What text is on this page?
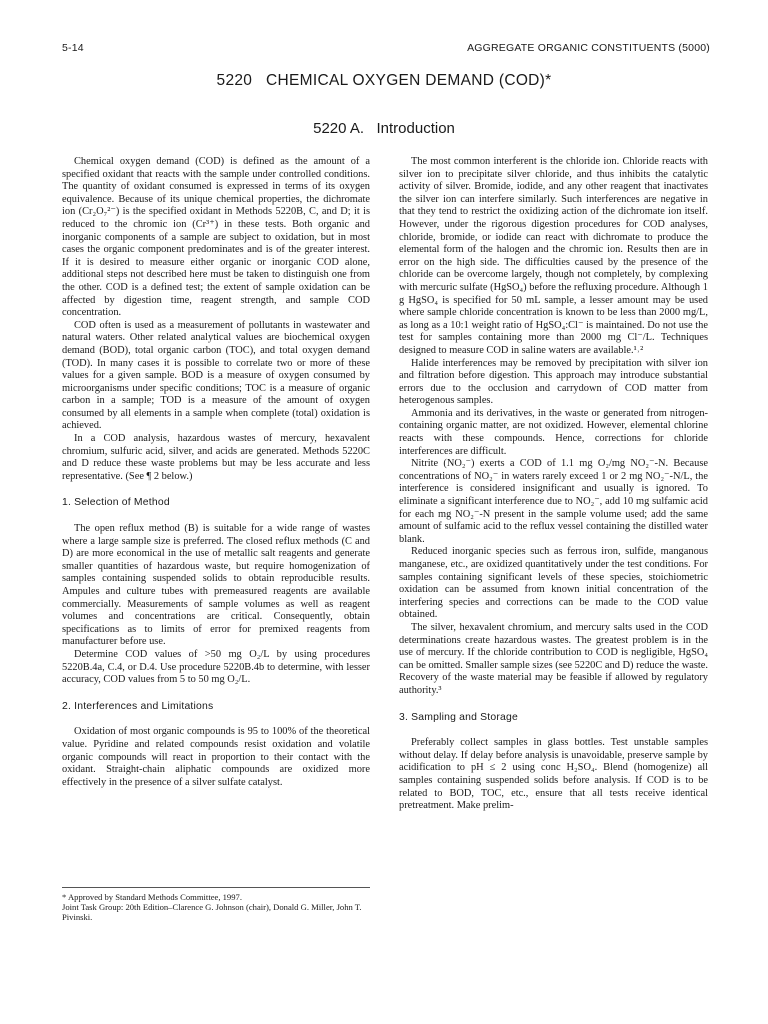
5-14	AGGREGATE ORGANIC CONSTITUENTS (5000)
5220   CHEMICAL OXYGEN DEMAND (COD)*
5220 A.   Introduction

Chemical oxygen demand (COD) is defined as the amount of a specified oxidant that reacts with the sample under controlled conditions. The quantity of oxidant consumed is expressed in terms of its oxygen equivalence. Because of its unique chemical properties, the dichromate ion (Cr₂O₇²⁻) is the specified oxidant in Methods 5220B, C, and D; it is reduced to the chromic ion (Cr³⁺) in these tests. Both organic and inorganic components of a sample are subject to oxidation, but in most cases the organic component predominates and is of the greater interest. If it is desired to measure either organic or inorganic COD alone, additional steps not described here must be taken to distinguish one from the other. COD is a defined test; the extent of sample oxidation can be affected by digestion time, reagent strength, and sample COD concentration.

COD often is used as a measurement of pollutants in wastewater and natural waters. Other related analytical values are biochemical oxygen demand (BOD), total organic carbon (TOC), and total oxygen demand (TOD). In many cases it is possible to correlate two or more of these values for a given sample. BOD is a measure of oxygen consumed by microorganisms under specific conditions; TOC is a measure of organic carbon in a sample; TOD is a measure of the amount of oxygen consumed by all elements in a sample when complete (total) oxidation is achieved.

In a COD analysis, hazardous wastes of mercury, hexavalent chromium, sulfuric acid, silver, and acids are generated. Methods 5220C and D reduce these waste problems but may be less accurate and less representative. (See ¶ 2 below.)

1. Selection of Method

The open reflux method (B) is suitable for a wide range of wastes where a large sample size is preferred. The closed reflux methods (C and D) are more economical in the use of metallic salt reagents and generate smaller quantities of hazardous waste, but require homogenization of samples containing suspended solids to obtain reproducible results. Ampules and culture tubes with premeasured reagents are available commercially. Measurements of sample volumes as well as reagent volumes and concentrations are critical. Consequently, obtain specifications as to limits of error for premixed reagents from manufacturer before use.

Determine COD values of >50 mg O₂/L by using procedures 5220B.4a, C.4, or D.4. Use procedure 5220B.4b to determine, with lesser accuracy, COD values from 5 to 50 mg O₂/L.

2. Interferences and Limitations

Oxidation of most organic compounds is 95 to 100% of the theoretical value. Pyridine and related compounds resist oxidation and volatile organic compounds will react in proportion to their contact with the oxidant. Straight-chain aliphatic compounds are oxidized more effectively in the presence of a silver sulfate catalyst.

The most common interferent is the chloride ion. Chloride reacts with silver ion to precipitate silver chloride, and thus inhibits the catalytic activity of silver. Bromide, iodide, and any other reagent that inactivates the silver ion can interfere similarly. Such interferences are negative in that they tend to restrict the oxidizing action of the dichromate ion itself. However, under the rigorous digestion procedures for COD analyses, chloride, bromide, or iodide can react with dichromate to produce the elemental form of the halogen and the chromic ion. Results then are in error on the high side. The difficulties caused by the presence of the chloride can be overcome largely, though not completely, by complexing with mercuric sulfate (HgSO₄) before the refluxing procedure. Although 1 g HgSO₄ is specified for 50 mL sample, a lesser amount may be used where sample chloride concentration is known to be less than 2000 mg/L, as long as a 10:1 weight ratio of HgSO₄:Cl⁻ is maintained. Do not use the test for samples containing more than 2000 mg Cl⁻/L. Techniques designed to measure COD in saline waters are available.¹˒²

Halide interferences may be removed by precipitation with silver ion and filtration before digestion. This approach may introduce substantial errors due to the occlusion and carrydown of COD matter from heterogenous samples.

Ammonia and its derivatives, in the waste or generated from nitrogen-containing organic matter, are not oxidized. However, elemental chlorine reacts with these compounds. Hence, corrections for chloride interferences are difficult.

Nitrite (NO₂⁻) exerts a COD of 1.1 mg O₂/mg NO₂⁻-N. Because concentrations of NO₂⁻ in waters rarely exceed 1 or 2 mg NO₂⁻-N/L, the interference is considered insignificant and usually is ignored. To eliminate a significant interference due to NO₂⁻, add 10 mg sulfamic acid for each mg NO₂⁻-N present in the sample volume used; add the same amount of sulfamic acid to the reflux vessel containing the distilled water blank.

Reduced inorganic species such as ferrous iron, sulfide, manganous manganese, etc., are oxidized quantitatively under the test conditions. For samples containing significant levels of these species, stoichiometric oxidation can be assumed from known initial concentration of the interfering species and corrections can be made to the COD value obtained.

The silver, hexavalent chromium, and mercury salts used in the COD determinations create hazardous wastes. The greatest problem is in the use of mercury. If the chloride contribution to COD is negligible, HgSO₄ can be omitted. Smaller sample sizes (see 5220C and D) reduce the waste. Recovery of the waste material may be feasible if allowed by regulatory authority.³

3. Sampling and Storage

Preferably collect samples in glass bottles. Test unstable samples without delay. If delay before analysis is unavoidable, preserve sample by acidification to pH ≤ 2 using conc H₂SO₄. Blend (homogenize) all samples containing suspended solids before analysis. If COD is to be related to BOD, TOC, etc., ensure that all tests receive identical pretreatment. Make prelim-

* Approved by Standard Methods Committee, 1997.

Joint Task Group: 20th Edition–Clarence G. Johnson (chair), Donald G. Miller, John T. Pivinski.
